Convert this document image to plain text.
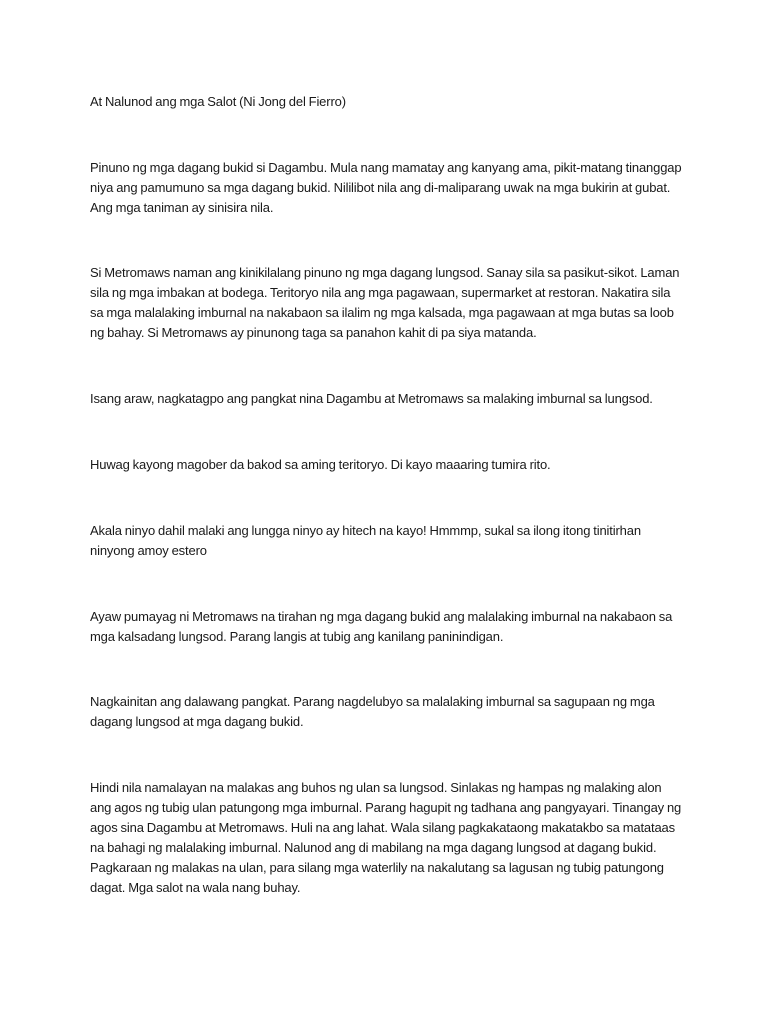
At Nalunod ang mga Salot (Ni Jong del Fierro)

Pinuno ng mga dagang bukid si Dagambu. Mula nang mamatay ang kanyang ama, pikit-matang tinanggap niya ang pamumuno sa mga dagang bukid. Nililibot nila ang di-maliparang uwak na mga bukirin at gubat. Ang mga taniman ay sinisira nila.

Si Metromaws naman ang kinikilalang pinuno ng mga dagang lungsod. Sanay sila sa pasikut-sikot. Laman sila ng mga imbakan at bodega. Teritoryo nila ang mga pagawaan, supermarket at restoran. Nakatira sila sa mga malalaking imburnal na nakabaon sa ilalim ng mga kalsada, mga pagawaan at mga butas sa loob ng bahay. Si Metromaws ay pinunong taga sa panahon kahit di pa siya matanda.

Isang araw, nagkatagpo ang pangkat nina Dagambu at Metromaws sa malaking imburnal sa lungsod.

Huwag kayong magober da bakod sa aming teritoryo. Di kayo maaaring tumira rito.

Akala ninyo dahil malaki ang lungga ninyo ay hitech na kayo! Hmmmp, sukal sa ilong itong tinitirhan ninyong amoy estero

Ayaw pumayag ni Metromaws na tirahan ng mga dagang bukid ang malalaking imburnal na nakabaon sa mga kalsadang lungsod. Parang langis at tubig ang kanilang paninindigan.

Nagkainitan ang dalawang pangkat. Parang nagdelubyo sa malalaking imburnal sa sagupaan ng mga dagang lungsod at mga dagang bukid.

Hindi nila namalayan na malakas ang buhos ng ulan sa lungsod. Sinlakas ng hampas ng malaking alon ang agos ng tubig ulan patungong mga imburnal. Parang hagupit ng tadhana ang pangyayari. Tinangay ng agos sina Dagambu at Metromaws. Huli na ang lahat. Wala silang pagkakataong makatakbo sa matataas na bahagi ng malalaking imburnal. Nalunod ang di mabilang na mga dagang lungsod at dagang bukid. Pagkaraan ng malakas na ulan, para silang mga waterlily na nakalutang sa lagusan ng tubig patungong dagat. Mga salot na wala nang buhay.
